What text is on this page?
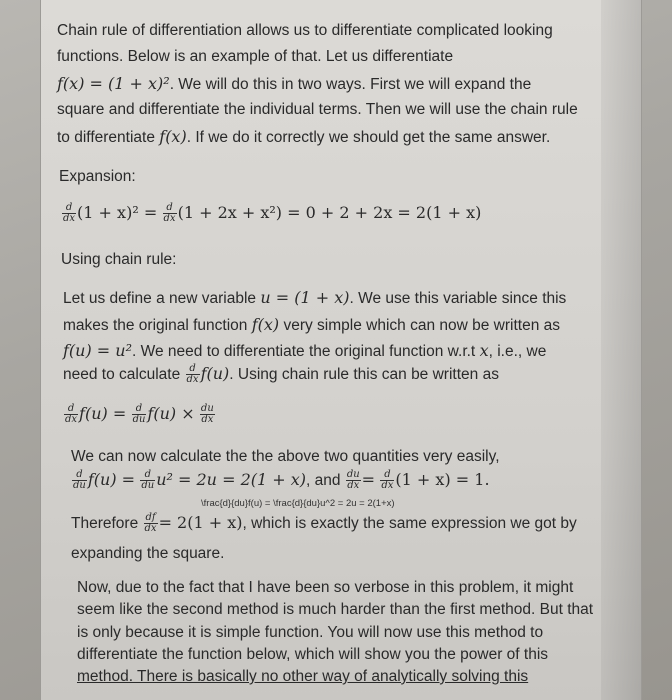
Chain rule of differentiation allows us to differentiate complicated looking
functions. Below is an example of that. Let us differentiate
f(x) = (1 + x)². We will do this in two ways. First we will expand the
square and differentiate the individual terms. Then we will use the chain rule
to differentiate f(x). If we do it correctly we should get the same answer.
Expansion:
$\frac{d}{dx} (1 + x)^2 = \frac{d}{dx} (1 + 2x + x^2) = 0 + 2 + 2x = 2(1 + x)$
Using chain rule:
Let us define a new variable u = (1 + x). We use this variable since this
makes the original function f(x) very simple which can now be written as
f(u) = u². We need to differentiate the original function w.r.t x, i.e., we
need to calculate $\frac{d}{dx} f(u)$. Using chain rule this can be written as
$\frac{d}{dx} f(u) = \frac{d}{du} f(u) \times \frac{du}{dx}$
We can now calculate the the above two quantities very easily,
$\frac{d}{du} f(u) = \frac{d}{du} u^2 = 2u = 2(1 + x)$, and $\frac{du}{dx} = \frac{d}{dx} (1 + x) = 1$.
\frac{d}{du}f(u) = \frac{d}{du}u^2 = 2u = 2(1+x)
Therefore $\frac{df}{dx} = 2(1 + x)$, which is exactly the same expression we got by
expanding the square.
Now, due to the fact that I have been so verbose in this problem, it might
seem like the second method is much harder than the first method. But that
is only because it is simple function. You will now use this method to
differentiate the function below, which will show you the power of this
method. There is basically no other way of analytically solving this
